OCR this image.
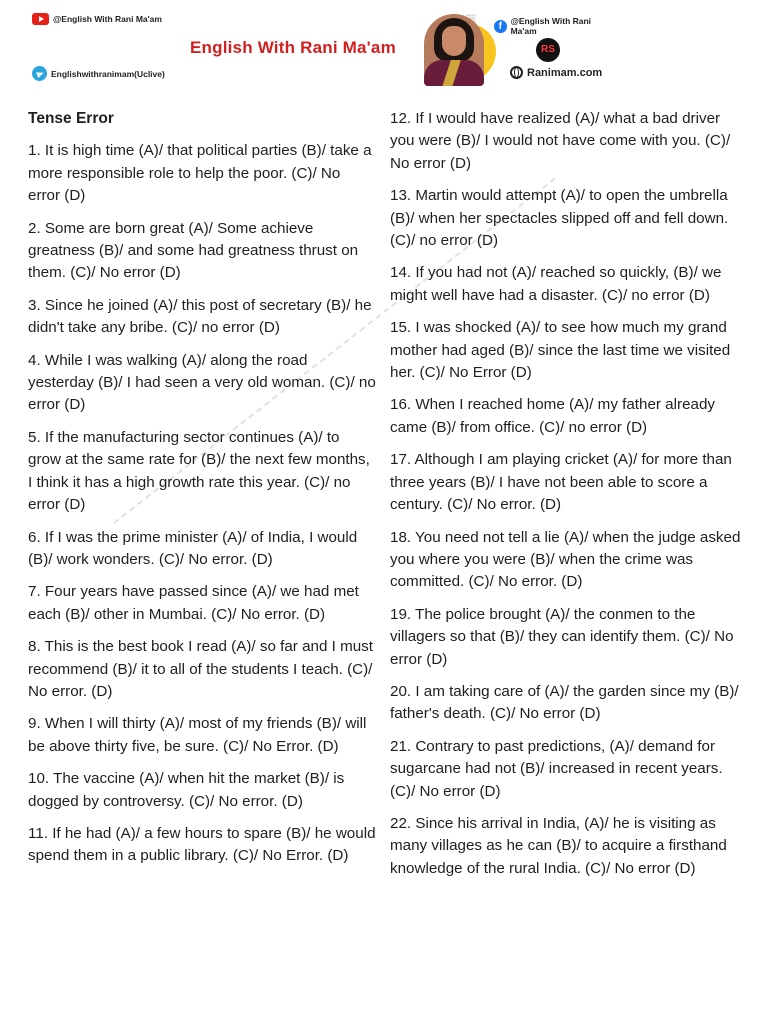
@English With Rani Ma'am
Englishwithranimam(Uclive)
English With Rani Ma'am
f	@English With Rani Ma'am
RS
Ranimam.com
Tense Error
1. It is high time (A)/ that political parties (B)/ take a more responsible role to help the poor. (C)/ No error (D)
2. Some are born great (A)/ Some achieve greatness (B)/ and some had greatness thrust on them. (C)/ No error (D)
3. Since he joined (A)/ this post of secretary (B)/ he didn't take any bribe. (C)/ no error (D)
4. While I was walking (A)/ along the road yesterday (B)/ I had seen a very old woman. (C)/ no error (D)
5. If the manufacturing sector continues (A)/ to grow at the same rate for (B)/ the next few months, I think it has a high growth rate this year. (C)/ no error (D)
6. If I was the prime minister (A)/ of India, I would (B)/ work wonders. (C)/ No error. (D)
7. Four years have passed since (A)/ we had met each (B)/ other in Mumbai. (C)/ No error. (D)
8. This is the best book I read (A)/ so far and I must recommend (B)/ it to all of the students I teach. (C)/ No error. (D)
9. When I will thirty (A)/ most of my friends (B)/ will be above thirty five, be sure. (C)/ No Error. (D)
10. The vaccine (A)/ when hit the market (B)/ is dogged by controversy. (C)/ No error. (D)
11. If he had (A)/ a few hours to spare (B)/ he would spend them in a public library. (C)/ No Error. (D)
12. If I would have realized (A)/ what a bad driver you were (B)/ I would not have come with you. (C)/ No error (D)
13. Martin would attempt (A)/ to open the umbrella (B)/ when her spectacles slipped off and fell down. (C)/ no error (D)
14. If you had not (A)/ reached so quickly, (B)/ we might well have had a disaster. (C)/ no error (D)
15. I was shocked (A)/ to see how much my grand mother had aged (B)/ since the last time we visited her. (C)/ No Error (D)
16. When I reached home (A)/ my father already came (B)/ from office. (C)/ no error (D)
17. Although I am playing cricket (A)/ for more than three years (B)/ I have not been able to score a century. (C)/ No error. (D)
18. You need not tell a lie (A)/ when the judge asked you where you were (B)/ when the crime was committed. (C)/ No error. (D)
19. The police brought (A)/ the conmen to the villagers so that (B)/ they can identify them. (C)/ No error (D)
20. I am taking care of (A)/ the garden since my (B)/ father's death. (C)/ No error (D)
21. Contrary to past predictions, (A)/ demand for sugarcane had not (B)/ increased in recent years. (C)/ No error (D)
22. Since his arrival in India, (A)/ he is visiting as many villages as he can (B)/ to acquire a firsthand knowledge of the rural India. (C)/ No error (D)
